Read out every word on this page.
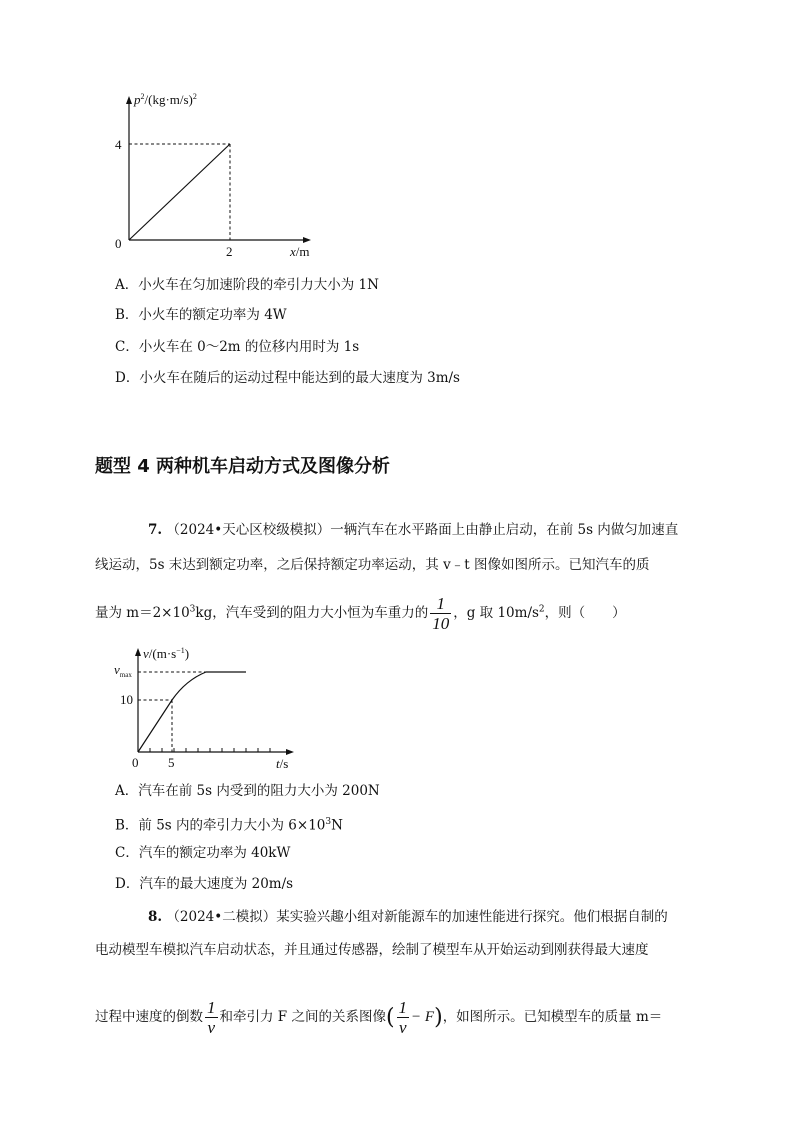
$p^2/(kg\cdot m/s)^2$
4
0
2	x/m
A．小火车在匀加速阶段的牵引力大小为 1N
B．小火车的额定功率为 4W
C．小火车在 0～2m 的位移内用时为 1s
D．小火车在随后的运动过程中能达到的最大速度为 3m/s
题型 4 两种机车启动方式及图像分析
7. （2024•天心区校级模拟）一辆汽车在水平路面上由静止启动，在前 5s 内做匀加速直
线运动，5s 末达到额定功率，之后保持额定功率运动，其 v﹣t 图像如图所示。已知汽车的质
量为 $m=2\times 10^3kg$，汽车受到的阻力大小恒为车重力的 $\frac{1}{10}$ ，g 取 $10m/s^2$，则（　　）
$v/(m\cdot s^{-1})$
$v_{max}$
10
0 5	t/s
A．汽车在前 5s 内受到的阻力大小为 200N
B．前 5s 内的牵引力大小为 $6\times 10^3N$
C．汽车的额定功率为 40kW
D．汽车的最大速度为 20m/s
8. （2024•二模拟）某实验兴趣小组对新能源车的加速性能进行探究。他们根据自制的
电动模型车模拟汽车启动状态，并且通过传感器，绘制了模型车从开始运动到刚获得最大速度
过程中速度的倒数 $\frac{1}{v}$ 和牵引力 F 之间的关系图像( $\frac{1}{v} - F$)，如图所示。已知模型车的质量 m＝
